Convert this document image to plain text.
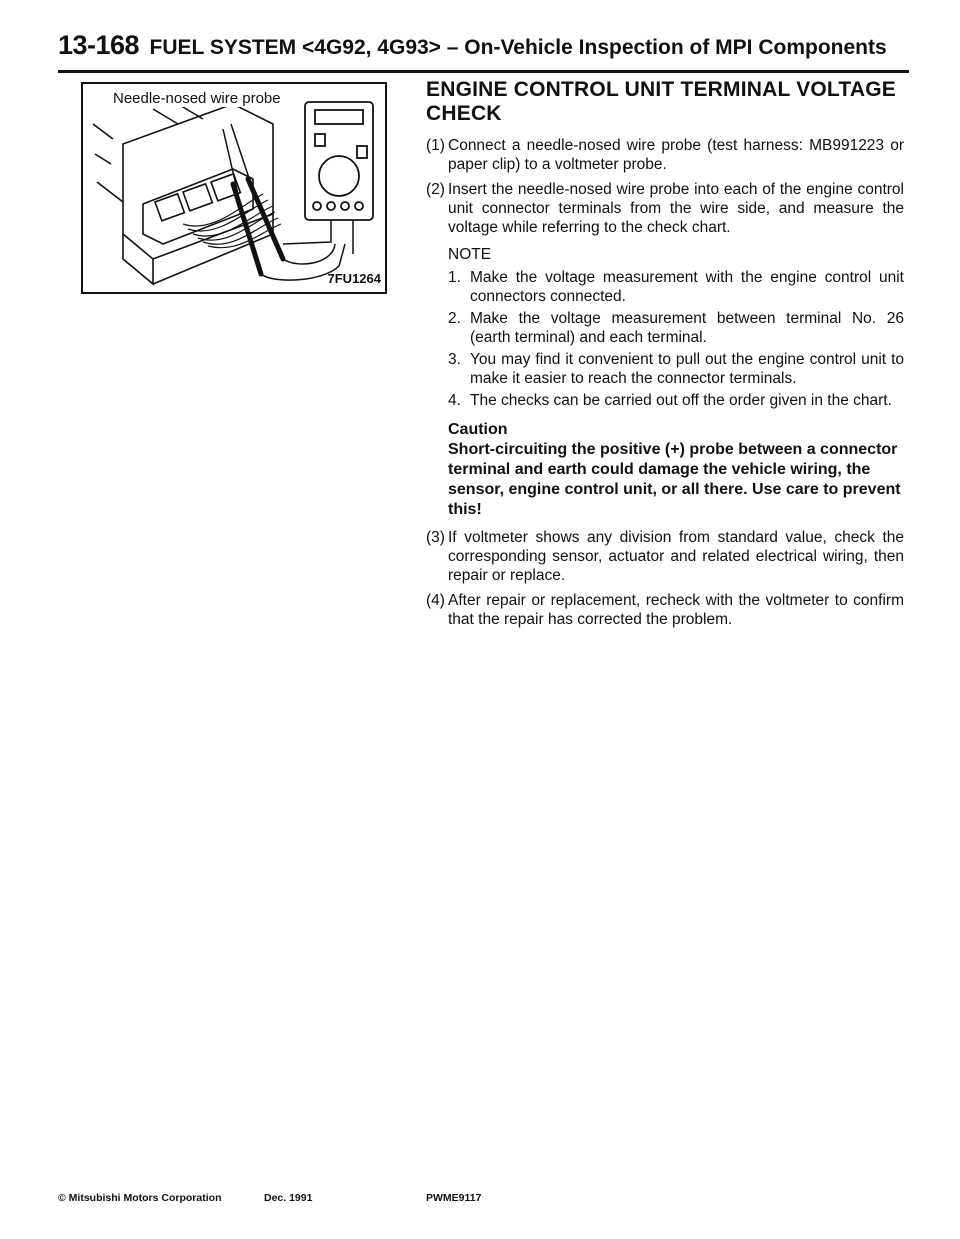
13-168 FUEL SYSTEM <4G92, 4G93> – On-Vehicle Inspection of MPI Components
Needle-nosed wire probe
7FU1264
ENGINE CONTROL UNIT TERMINAL VOLTAGE CHECK
(1) Connect a needle-nosed wire probe (test harness: MB991223 or paper clip) to a voltmeter probe.
(2) Insert the needle-nosed wire probe into each of the engine control unit connector terminals from the wire side, and measure the voltage while referring to the check chart.
NOTE
1. Make the voltage measurement with the engine control unit connectors connected.
2. Make the voltage measurement between terminal No. 26 (earth terminal) and each terminal.
3. You may find it convenient to pull out the engine control unit to make it easier to reach the connector terminals.
4. The checks can be carried out off the order given in the chart.
Caution
Short-circuiting the positive (+) probe between a connector terminal and earth could damage the vehicle wiring, the sensor, engine control unit, or all there. Use care to prevent this!
(3) If voltmeter shows any division from standard value, check the corresponding sensor, actuator and related electrical wiring, then repair or replace.
(4) After repair or replacement, recheck with the voltmeter to confirm that the repair has corrected the problem.
© Mitsubishi Motors Corporation	Dec. 1991	PWME9117
